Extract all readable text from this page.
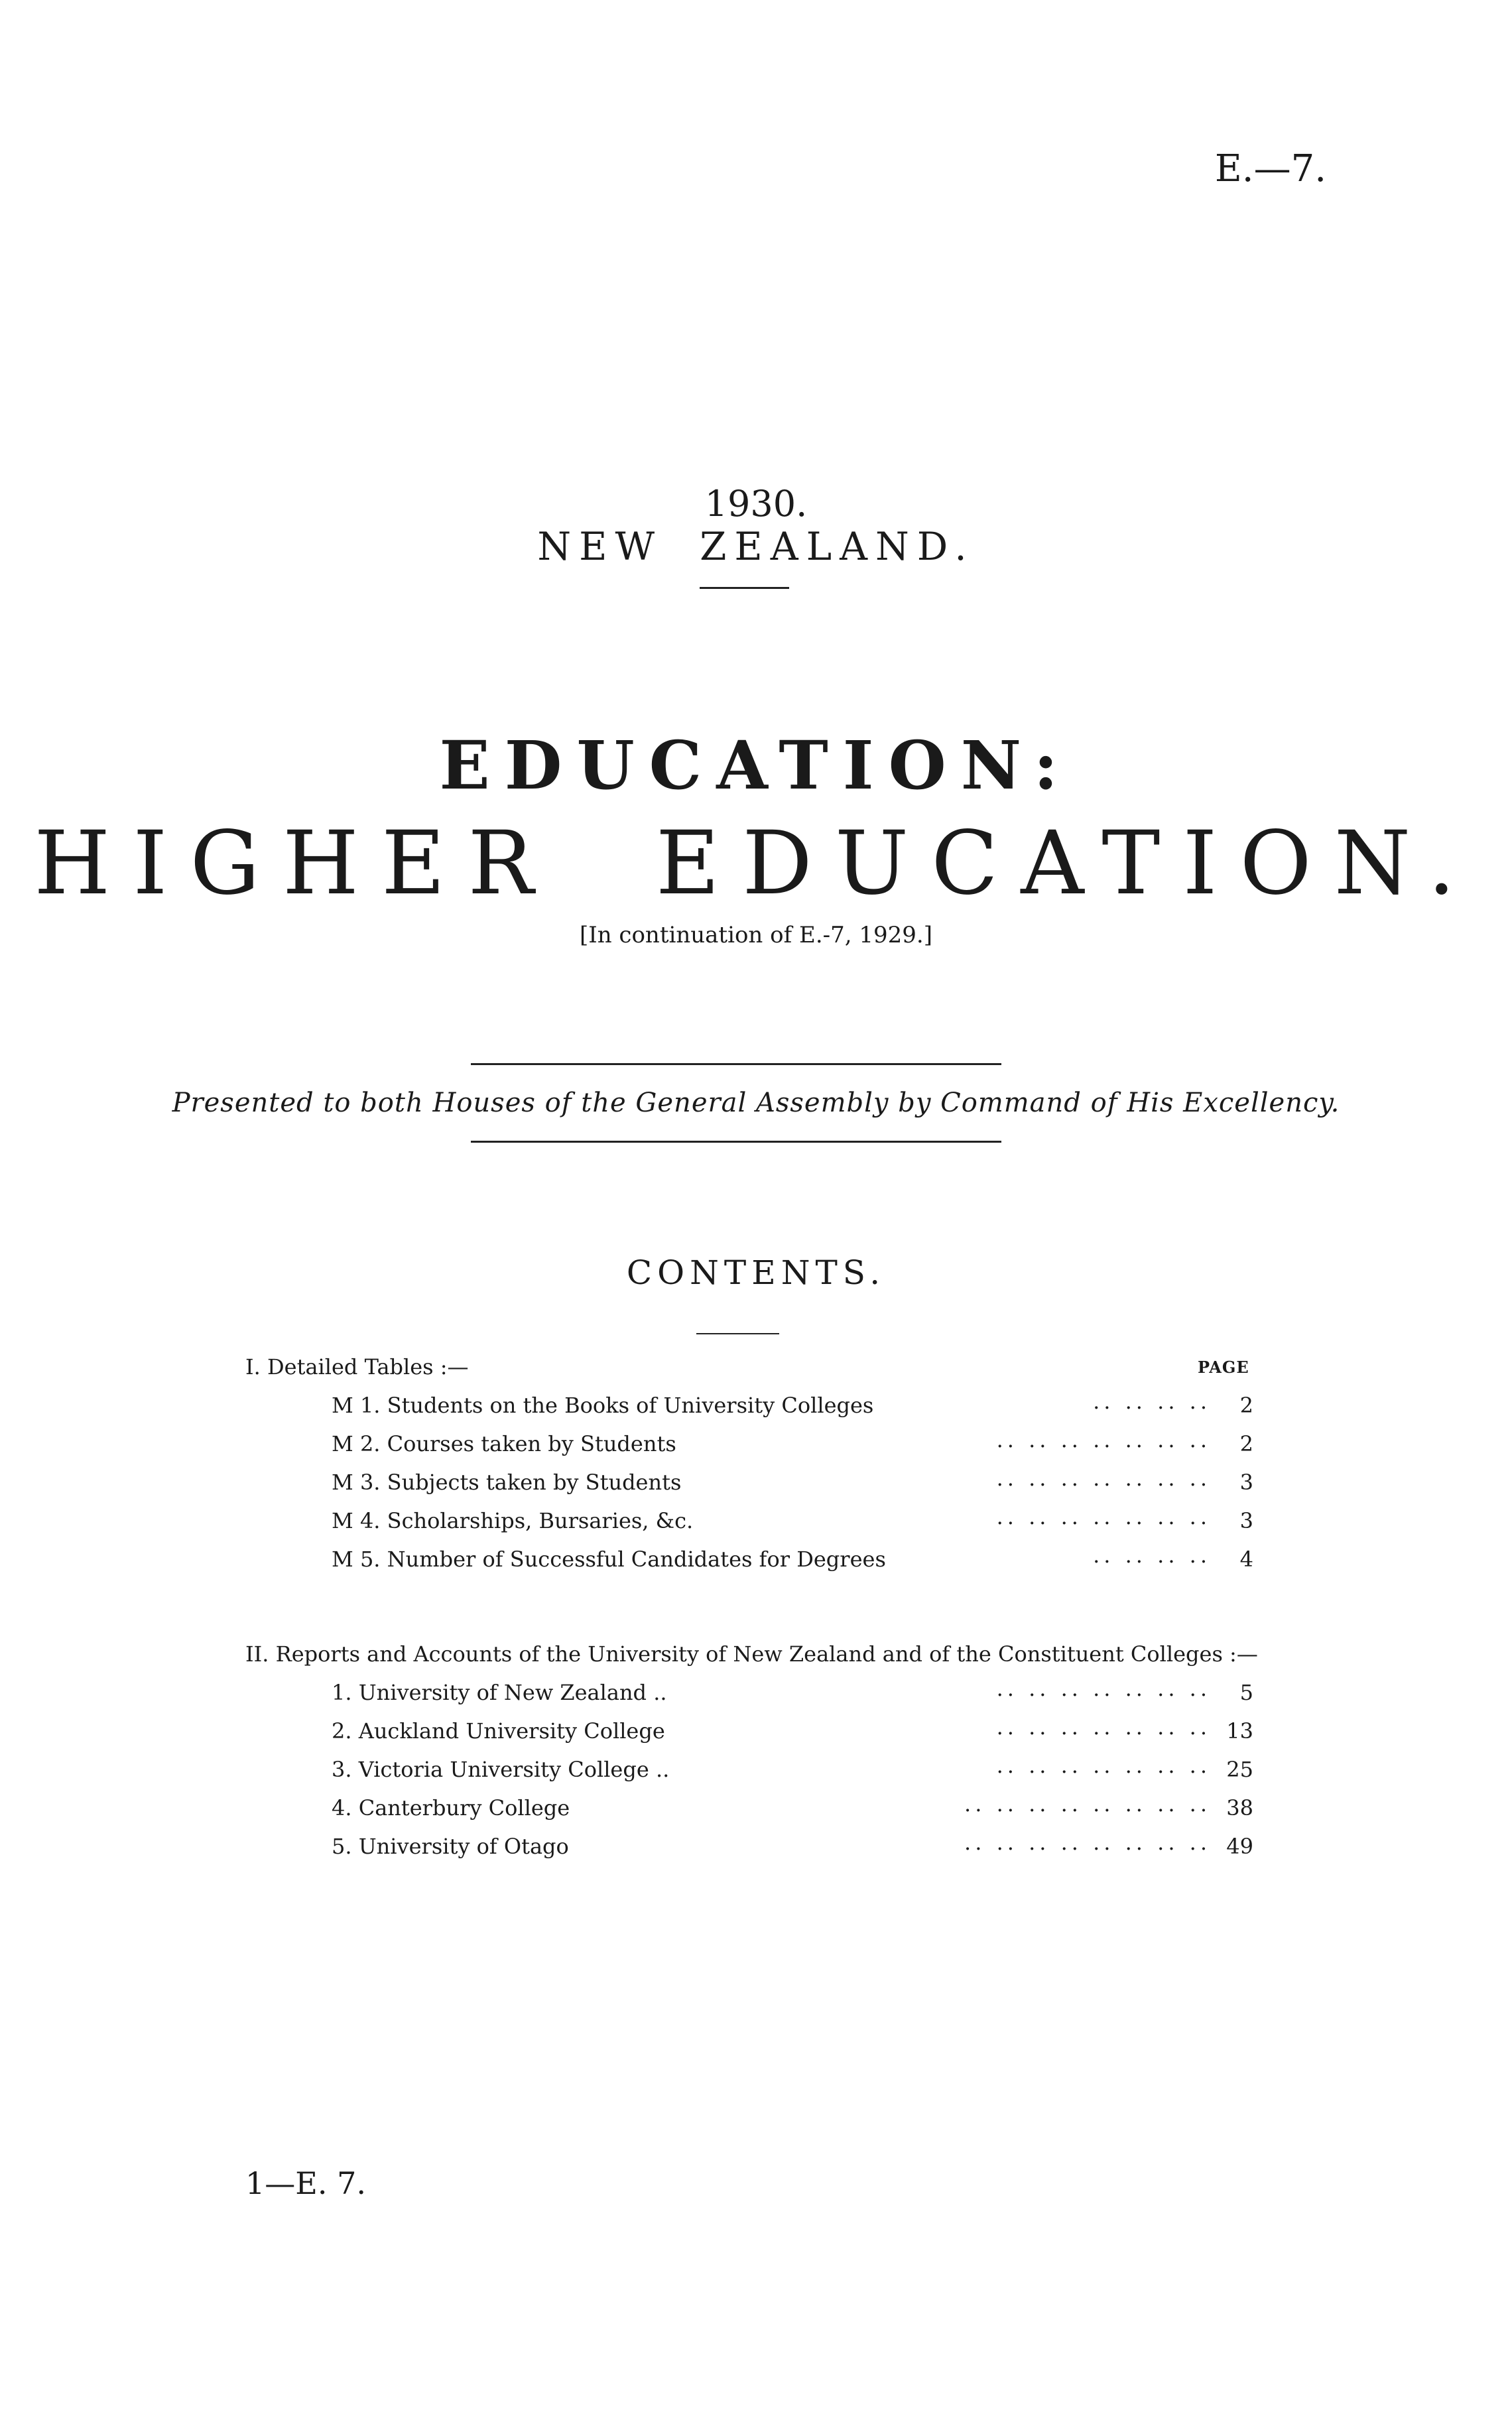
E.—7.
1930.
NEW ZEALAND.
EDUCATION:
HIGHER EDUCATION.
[In continuation of E.-7, 1929.]
Presented to both Houses of the General Assembly by Command of His Excellency.
CONTENTS.
PAGE
I. Detailed Tables :—
M 1. Students on the Books of University Colleges	.. .. .. ..	2
M 2. Courses taken by Students	.. .. .. .. .. .. ..	2
M 3. Subjects taken by Students	.. .. .. .. .. .. ..	3
M 4. Scholarships, Bursaries, &c.	.. .. .. .. .. .. ..	3
M 5. Number of Successful Candidates for Degrees	.. .. .. ..	4
II. Reports and Accounts of the University of New Zealand and of the Constituent Colleges :—
1. University of New Zealand ..	.. .. .. .. .. .. ..	5
2. Auckland University College	.. .. .. .. .. .. .. 13
3. Victoria University College ..	.. .. .. .. .. .. .. 25
4. Canterbury College	.. .. .. .. .. .. .. .. 38
5. University of Otago	.. .. .. .. .. .. .. .. 49
1—E. 7.
